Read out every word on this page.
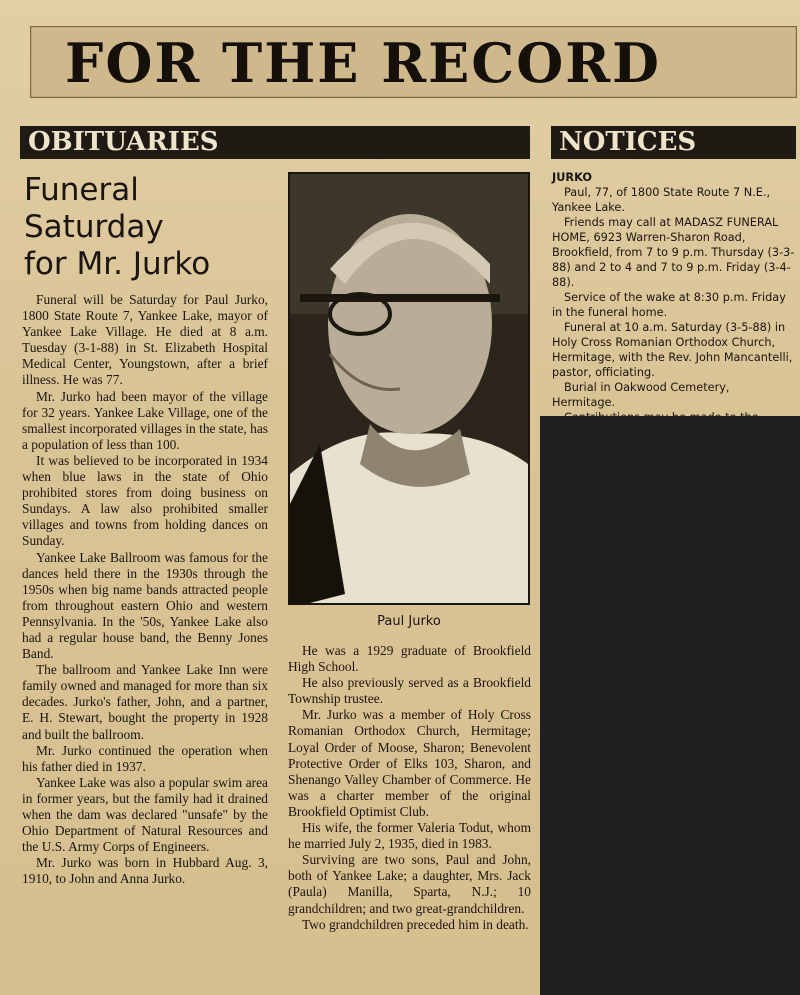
FOR THE RECORD
OBITUARIES	NOTICES
Funeral
Saturday
for Mr. Jurko

Funeral will be Saturday for Paul Jurko, 1800 State Route 7, Yankee Lake, mayor of Yankee Lake Village. He died at 8 a.m. Tuesday (3-1-88) in St. Elizabeth Hospital Medical Center, Youngstown, after a brief illness. He was 77.

Mr. Jurko had been mayor of the village for 32 years. Yankee Lake Village, one of the smallest incorporated villages in the state, has a population of less than 100.

It was believed to be incorporated in 1934 when blue laws in the state of Ohio prohibited stores from doing business on Sundays. A law also prohibited smaller villages and towns from holding dances on Sunday.

Yankee Lake Ballroom was famous for the dances held there in the 1930s through the 1950s when big name bands attracted people from throughout eastern Ohio and western Pennsylvania. In the '50s, Yankee Lake also had a regular house band, the Benny Jones Band.

The ballroom and Yankee Lake Inn were family owned and managed for more than six decades. Jurko's father, John, and a partner, E. H. Stewart, bought the property in 1928 and built the ballroom.

Mr. Jurko continued the operation when his father died in 1937.

Yankee Lake was also a popular swim area in former years, but the family had it drained when the dam was declared "unsafe" by the Ohio Department of Natural Resources and the U.S. Army Corps of Engineers.

Mr. Jurko was born in Hubbard Aug. 3, 1910, to John and Anna Jurko.

Paul Jurko

He was a 1929 graduate of Brookfield High School.

He also previously served as a Brookfield Township trustee.

Mr. Jurko was a member of Holy Cross Romanian Orthodox Church, Hermitage; Loyal Order of Moose, Sharon; Benevolent Protective Order of Elks 103, Sharon, and Shenango Valley Chamber of Commerce. He was a charter member of the original Brookfield Optimist Club.

His wife, the former Valeria Todut, whom he married July 2, 1935, died in 1983.

Surviving are two sons, Paul and John, both of Yankee Lake; a daughter, Mrs. Jack (Paula) Manilla, Sparta, N.J.; 10 grandchildren; and two great-grandchildren.

Two grandchildren preceded him in death.

JURKO

Paul, 77, of 1800 State Route 7 N.E., Yankee Lake.

Friends may call at MADASZ FUNERAL HOME, 6923 Warren-Sharon Road, Brookfield, from 7 to 9 p.m. Thursday (3-3-88) and 2 to 4 and 7 to 9 p.m. Friday (3-4-88).

Service of the wake at 8:30 p.m. Friday in the funeral home.

Funeral at 10 a.m. Saturday (3-5-88) in Holy Cross Romanian Orthodox Church, Hermitage, with the Rev. John Mancantelli, pastor, officiating.

Burial in Oakwood Cemetery, Hermitage.
